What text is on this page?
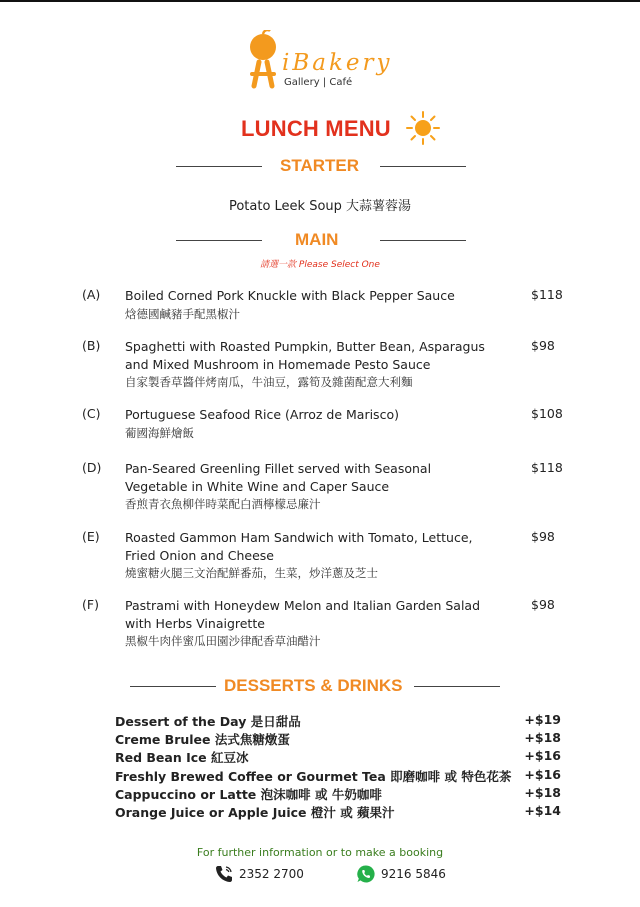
iBakery
Gallery | Café
LUNCH MENU
STARTER
Potato Leek Soup 大蒜薯蓉湯
MAIN
請選一款 Please Select One
(A) Boiled Corned Pork Knuckle with Black Pepper Sauce
焓德國鹹豬手配黑椒汁
$118
(B) Spaghetti with Roasted Pumpkin, Butter Bean, Asparagus and Mixed Mushroom in Homemade Pesto Sauce
自家製香草醬伴烤南瓜，牛油豆，露筍及雜菌配意大利麵
$98
(C) Portuguese Seafood Rice (Arroz de Marisco)
葡國海鮮燴飯
$108
(D) Pan-Seared Greenling Fillet served with Seasonal Vegetable in White Wine and Caper Sauce
香煎青衣魚柳伴時菜配白酒檸檬忌廉汁
$118
(E) Roasted Gammon Ham Sandwich with Tomato, Lettuce, Fried Onion and Cheese
燒蜜糖火腿三文治配鮮番茄，生菜，炒洋蔥及芝士
$98
(F) Pastrami with Honeydew Melon and Italian Garden Salad with Herbs Vinaigrette
黑椒牛肉伴蜜瓜田園沙律配香草油醋汁
$98
DESSERTS & DRINKS
Dessert of the Day 是日甜品	+$19
Creme Brulee 法式焦糖燉蛋	+$18
Red Bean Ice 紅豆冰	+$16
Freshly Brewed Coffee or Gourmet Tea 即磨咖啡 或 特色花茶 +$16
Cappuccino or Latte 泡沫咖啡 或 牛奶咖啡	+$18
Orange Juice or Apple Juice 橙汁 或 蘋果汁	+$14
For further information or to make a booking
2352 2700	9216 5846
